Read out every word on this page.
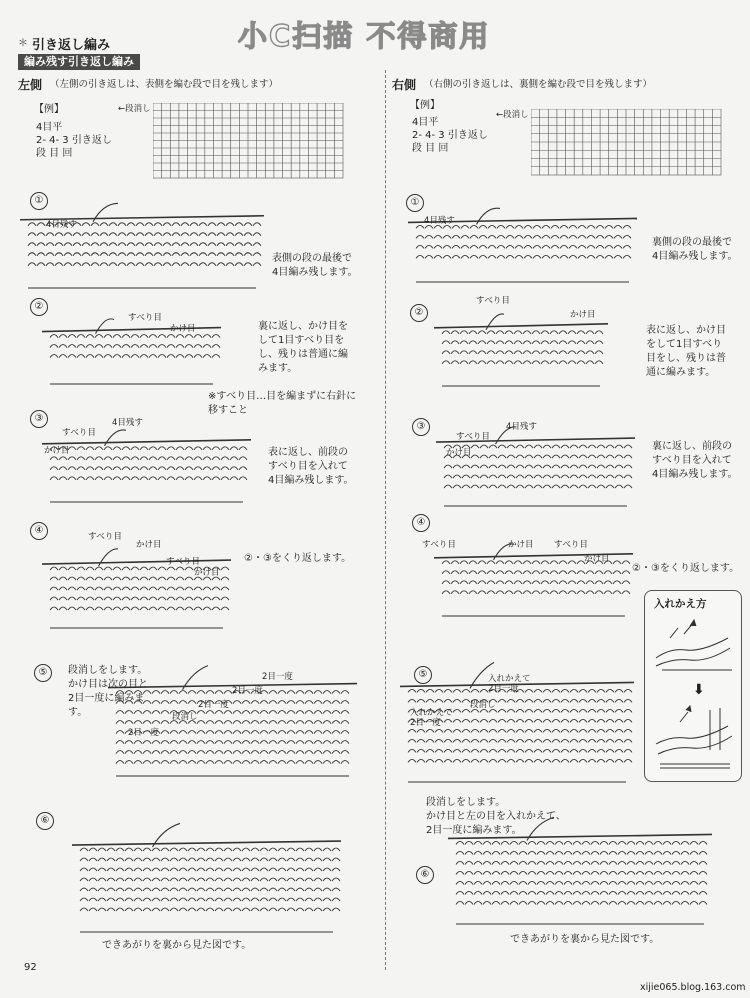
小C扫描 不得商用
＊ 引き返し編み
編み残す引き返し編み
左側 （左側の引き返しは、表側を編む段で目を残します）
【例】
4目平
2- 4- 3 引き返し
段 目 回
←段消し
右側 （右側の引き返しは、裏側を編む段で目を残します）
【例】
4目平
2- 4- 3 引き返し
段 目 回
←段消し
①
4目残す
表側の段の最後で
4目編み残します。
②
すべり目
かけ目	裏に返し、かけ目を
して1目すべり目を
し、残りは普通に編
みます。
※すべり目…目を編まずに右針に
移すこと
③	4目残す
すべり目
かけ目	表に返し、前段の
すべり目を入れて
4目編み残します。
④
すべり目
かけ目
すべり目
かけ目
②・③をくり返します。
⑤	段消しをします。
かけ目は次の目と
2目一度に編みま
す。
2目一度
2目一度
段消し
2目一度
2目一度
⑥
できあがりを裏から見た図です。
①
4目残す
裏側の段の最後で
4目編み残します。
②
すべり目
かけ目
表に返し、かけ目
をして1目すべり
目をし、残りは普
通に編みます。
③	4目残す
すべり目
かけ目
裏に返し、前段の
すべり目を入れて
4目編み残します。
④
すべり目	かけ目 すべり目
かけ目
②・③をくり返します。
入れかえ方
⬇
⑤	入れかえて
2目一度
入れかえて
2目一度
段消し
段消しをします。
かけ目と左の目を入れかえて、
2目一度に編みます。
⑥
できあがりを裏から見た図です。
92
xijie065.blog.163.com
